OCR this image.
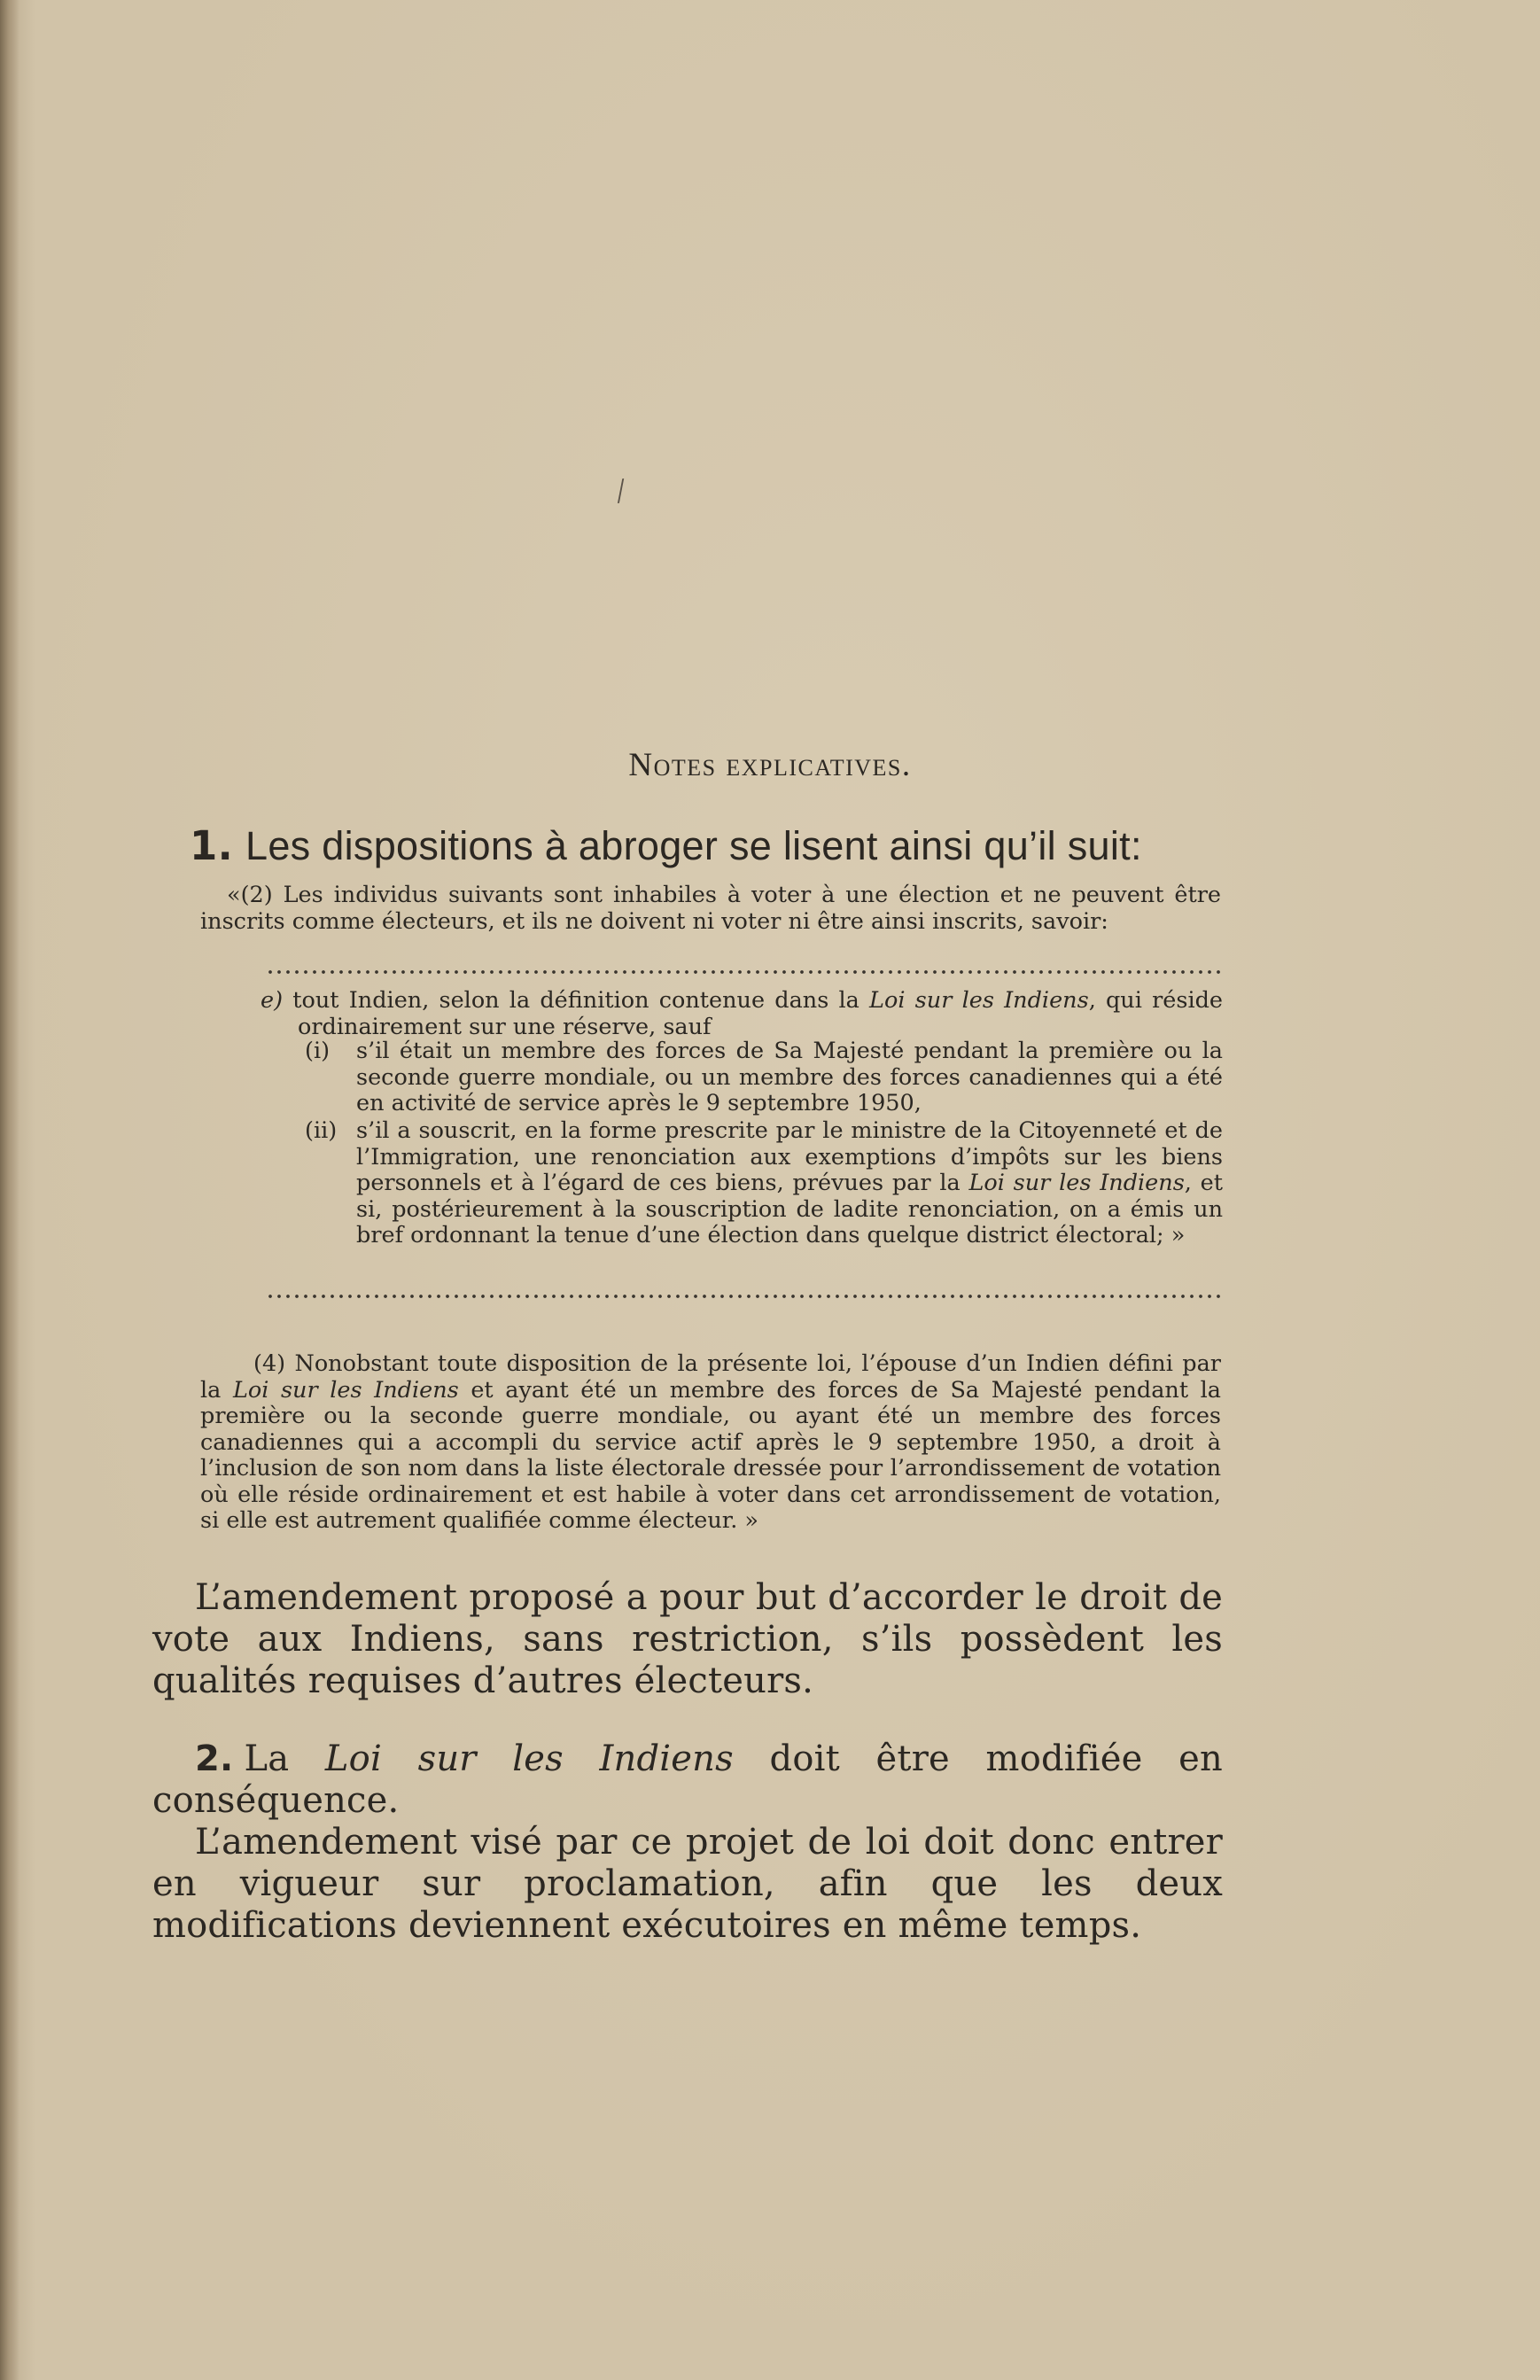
/
Notes explicatives.
1. Les dispositions à abroger se lisent ainsi qu’il suit:

«(2) Les individus suivants sont inhabiles à voter à une élection et ne peuvent être inscrits comme électeurs, et ils ne doivent ni voter ni être ainsi inscrits, savoir:

e) tout Indien, selon la définition contenue dans la Loi sur les Indiens, qui réside ordinairement sur une réserve, sauf

(i) s’il était un membre des forces de Sa Majesté pendant la première ou la seconde guerre mondiale, ou un membre des forces canadiennes qui a été en activité de service après le 9 septembre 1950,
(ii) s’il a souscrit, en la forme prescrite par le ministre de la Citoyenneté et de l’Immigration, une renonciation aux exemptions d’impôts sur les biens personnels et à l’égard de ces biens, prévues par la Loi sur les Indiens, et si, postérieurement à la souscription de ladite renonciation, on a émis un bref ordonnant la tenue d’une élection dans quelque district électoral; »

(4) Nonobstant toute disposition de la présente loi, l’épouse d’un Indien défini par la Loi sur les Indiens et ayant été un membre des forces de Sa Majesté pendant la première ou la seconde guerre mondiale, ou ayant été un membre des forces canadiennes qui a accompli du service actif après le 9 septembre 1950, a droit à l’inclusion de son nom dans la liste électorale dressée pour l’arrondissement de votation où elle réside ordinairement et est habile à voter dans cet arrondissement de votation, si elle est autrement qualifiée comme électeur. »

L’amendement proposé a pour but d’accorder le droit de vote aux Indiens, sans restriction, s’ils possèdent les qualités requises d’autres électeurs.

2. La Loi sur les Indiens doit être modifiée en conséquence.

L’amendement visé par ce projet de loi doit donc entrer en vigueur sur proclamation, afin que les deux modifications deviennent exécutoires en même temps.
